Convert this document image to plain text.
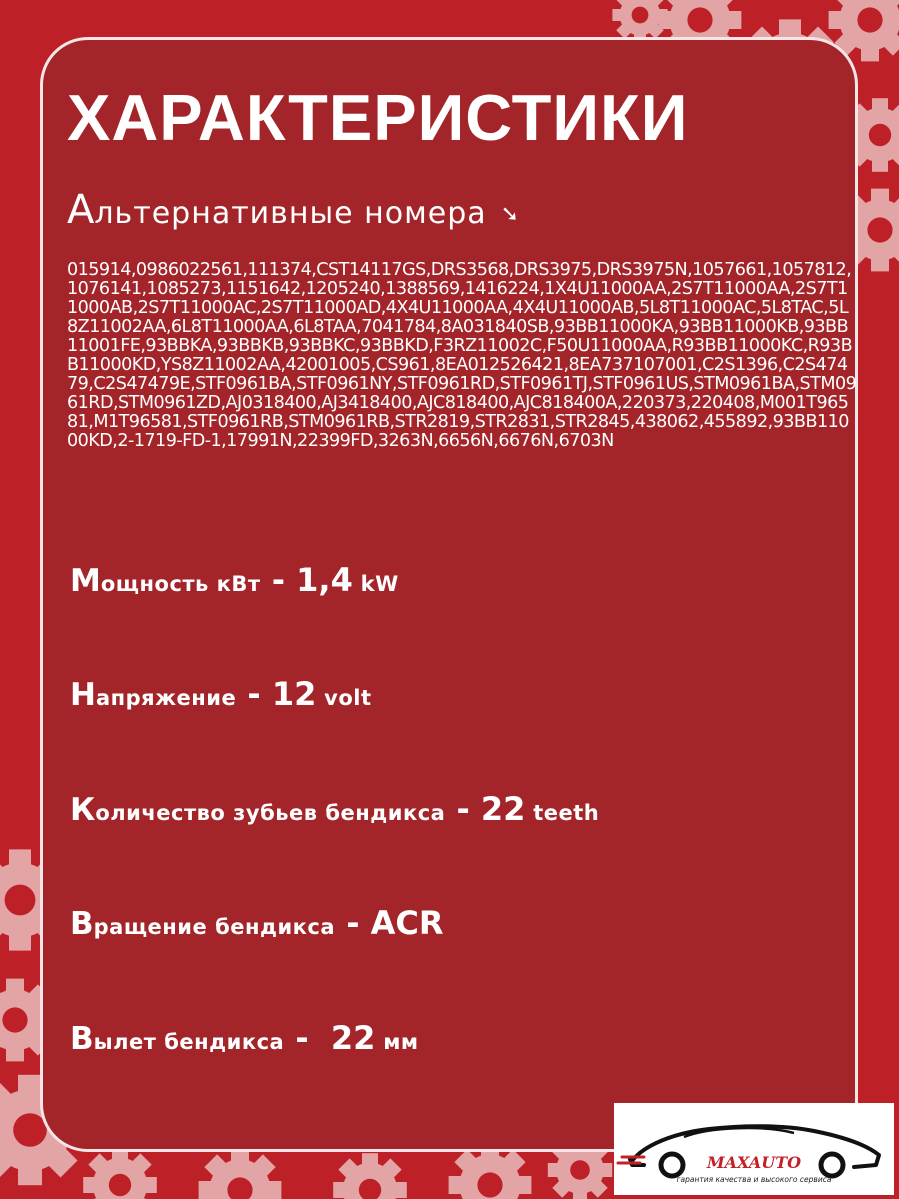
ХАРАКТЕРИСТИКИ
Альтернативные номера ➘
015914,0986022561,111374,CST14117GS,DRS3568,DRS3975,DRS3975N,1057661,1057812,1076141,1085273,1151642,1205240,1388569,1416224,1X4U11000AA,2S7T11000AA,2S7T11000AB,2S7T11000AC,2S7T11000AD,4X4U11000AA,4X4U11000AB,5L8T11000AC,5L8TAC,5L8Z11002AA,6L8T11000AA,6L8TAA,7041784,8A031840SB,93BB11000KA,93BB11000KB,93BB11001FE,93BBKA,93BBKB,93BBKC,93BBKD,F3RZ11002C,F50U11000AA,R93BB11000KC,R93BB11000KD,YS8Z11002AA,42001005,CS961,8EA012526421,8EA737107001,C2S1396,C2S47479,C2S47479E,STF0961BA,STF0961NY,STF0961RD,STF0961TJ,STF0961US,STM0961BA,STM0961RD,STM0961ZD,AJ0318400,AJ3418400,AJC818400,AJC818400A,220373,220408,M001T96581,M1T96581,STF0961RB,STM0961RB,STR2819,STR2831,STR2845,438062,455892,93BB11000KD,2-1719-FD-1,17991N,22399FD,3263N,6656N,6676N,6703N
Мощность кВт - 1,4 kW
Напряжение - 12 volt
Количество зубьев бендикса - 22 teeth
Вращение бендикса - ACR
Вылет бендикса -  22 мм
MAXAUTO
гарантия качества и высокого сервиса
